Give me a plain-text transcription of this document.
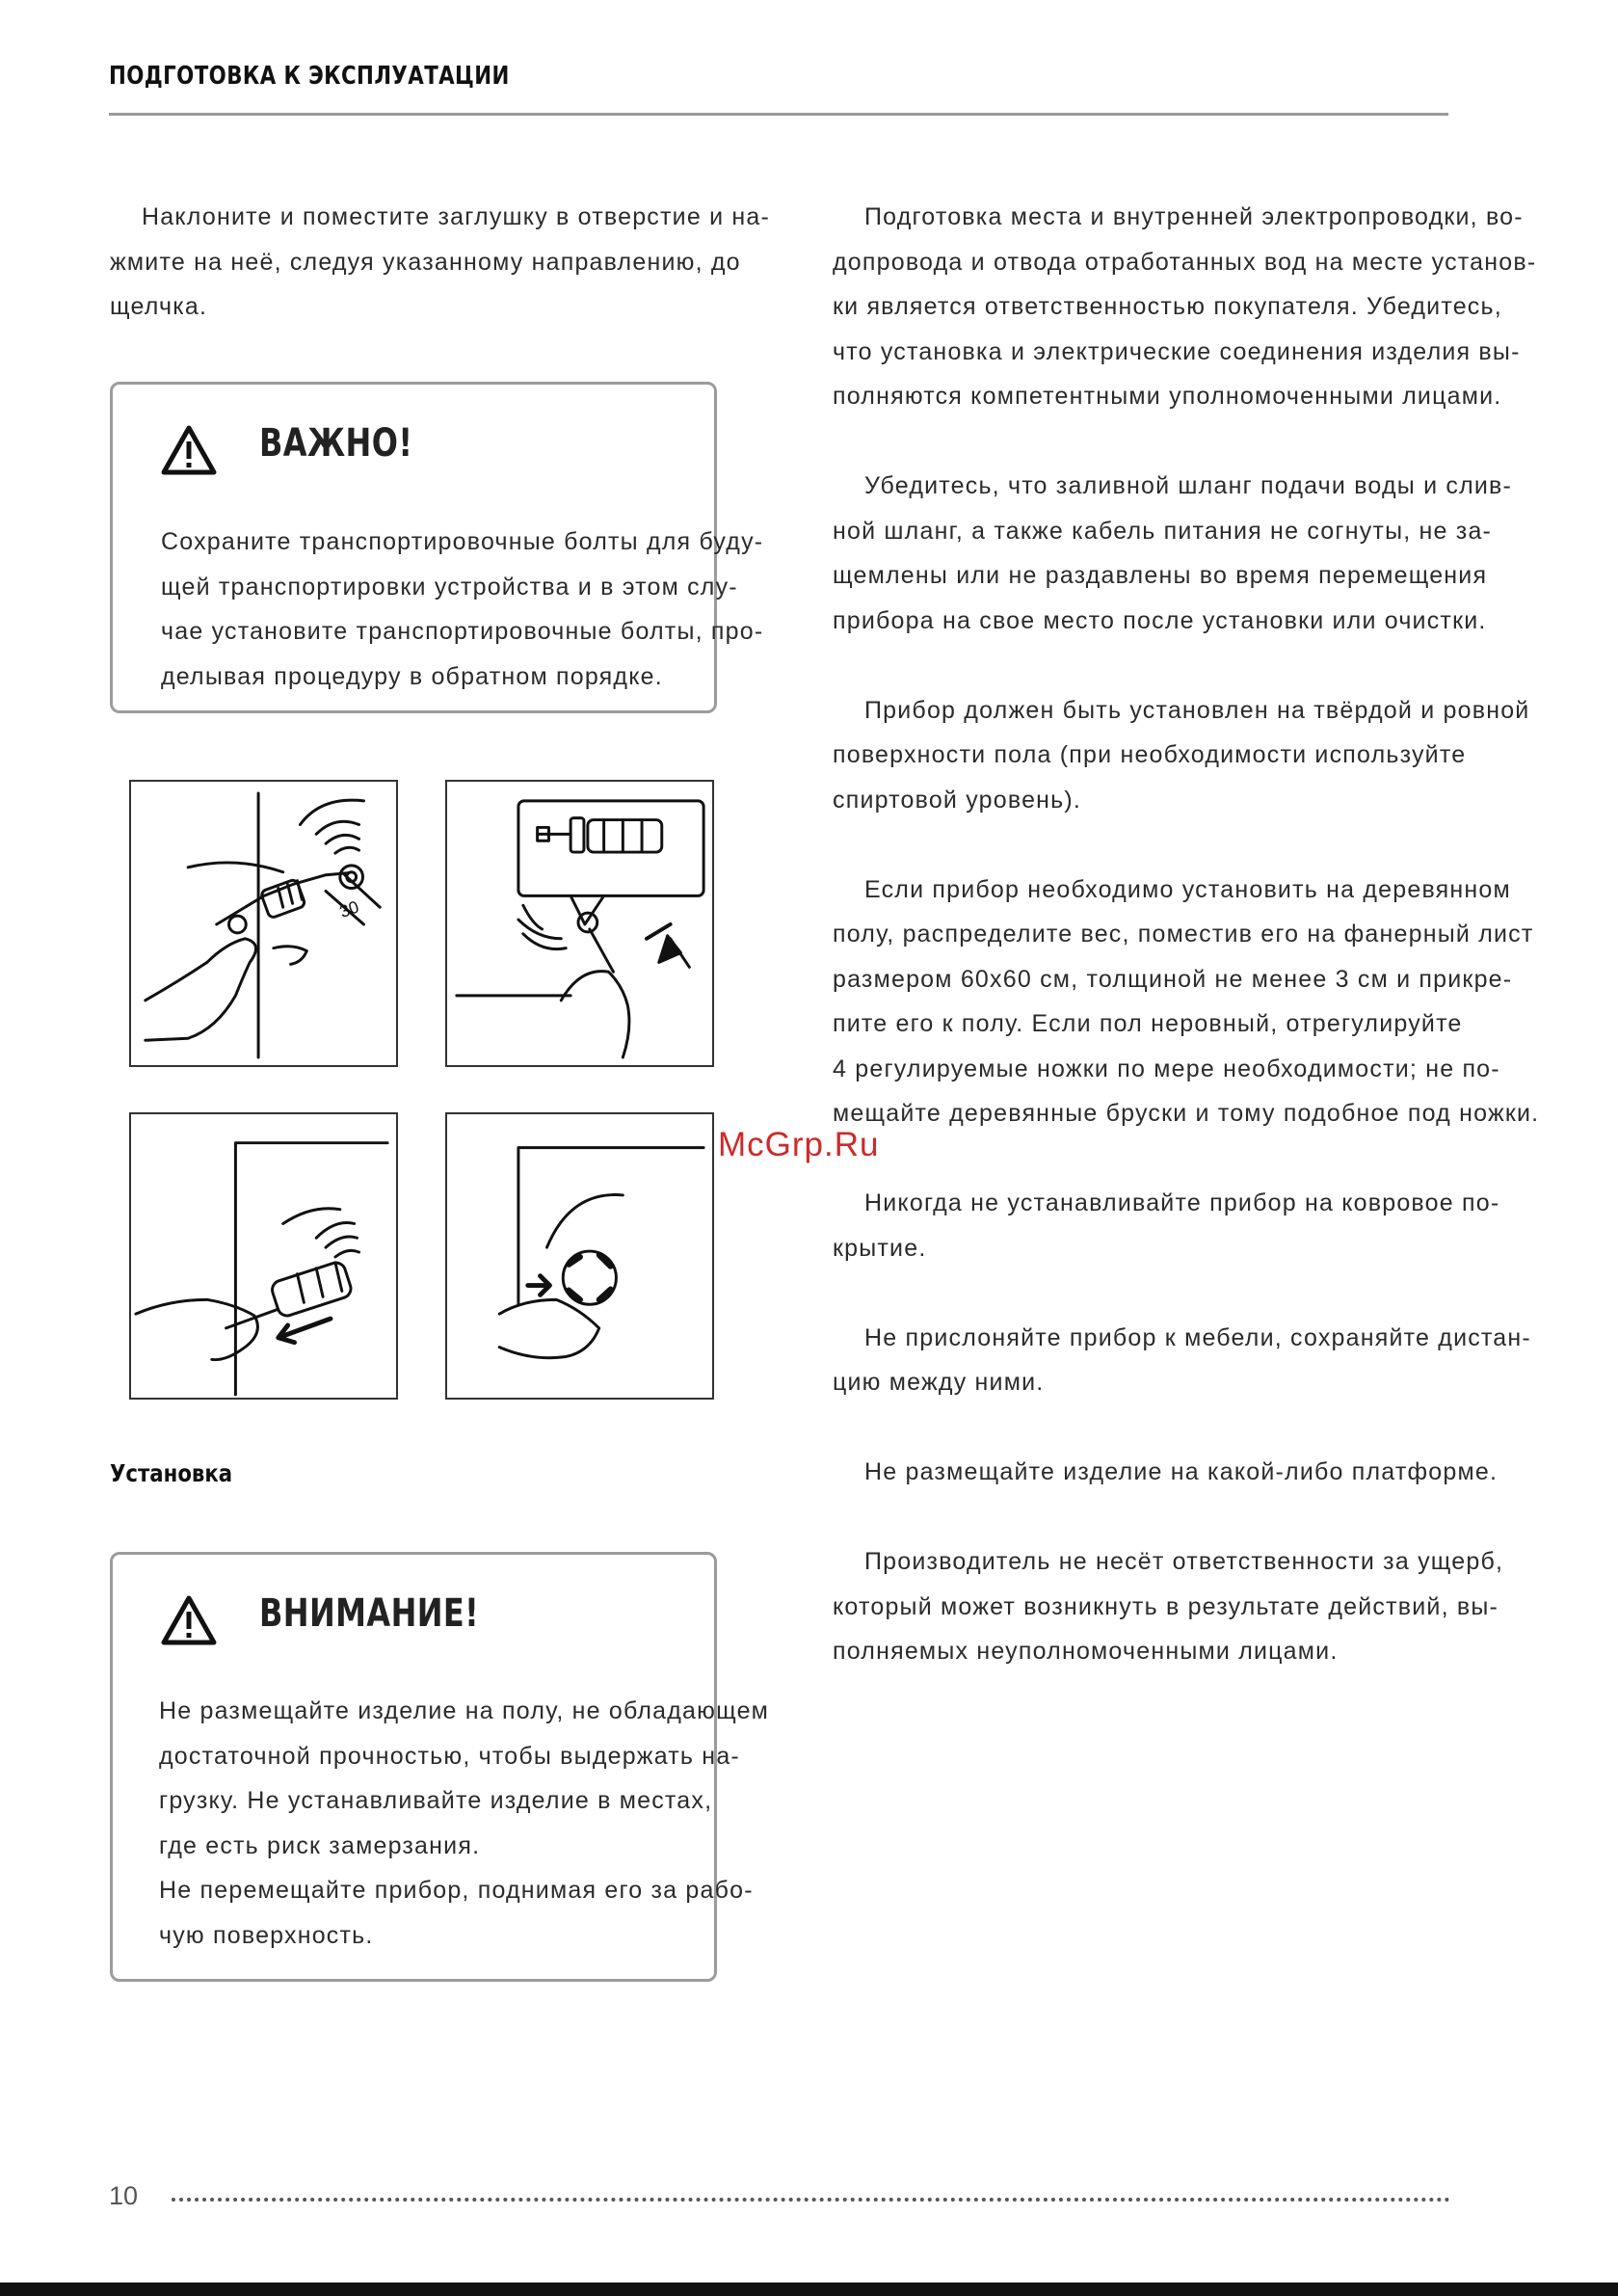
ПОДГОТОВКА К ЭКСПЛУАТАЦИИ
Наклоните и поместите заглушку в отверстие и на-
жмите на неё, следуя указанному направлению, до
щелчка.
ВАЖНО!
Сохраните транспортировочные болты для буду-
щей транспортировки устройства и в этом слу-
чае установите транспортировочные болты, про-
делывая процедуру в обратном порядке.
30
Установка
ВНИМАНИЕ!
Не размещайте изделие на полу, не обладающем
достаточной прочностью, чтобы выдержать на-
грузку. Не устанавливайте изделие в местах,
где есть риск замерзания.
Не перемещайте прибор, поднимая его за рабо-
чую поверхность.
Подготовка места и внутренней электропроводки, во-
допровода и отвода отработанных вод на месте установ-
ки является ответственностью покупателя. Убедитесь,
что установка и электрические соединения изделия вы-
полняются компетентными уполномоченными лицами.
Убедитесь, что заливной шланг подачи воды и слив-
ной шланг, а также кабель питания не согнуты, не за-
щемлены или не раздавлены во время перемещения
прибора на свое место после установки или очистки.
Прибор должен быть установлен на твёрдой и ровной
поверхности пола (при необходимости используйте
спиртовой уровень).
Если прибор необходимо установить на деревянном
полу, распределите вес, поместив его на фанерный лист
размером 60x60 см, толщиной не менее 3 см и прикре-
пите его к полу. Если пол неровный, отрегулируйте
4 регулируемые ножки по мере необходимости; не по-
мещайте деревянные бруски и тому подобное под ножки.
Никогда не устанавливайте прибор на ковровое по-
крытие.
Не прислоняйте прибор к мебели, сохраняйте дистан-
цию между ними.
Не размещайте изделие на какой-либо платформе.
Производитель не несёт ответственности за ущерб,
который может возникнуть в результате действий, вы-
полняемых неуполномоченными лицами.
McGrp.Ru
10
